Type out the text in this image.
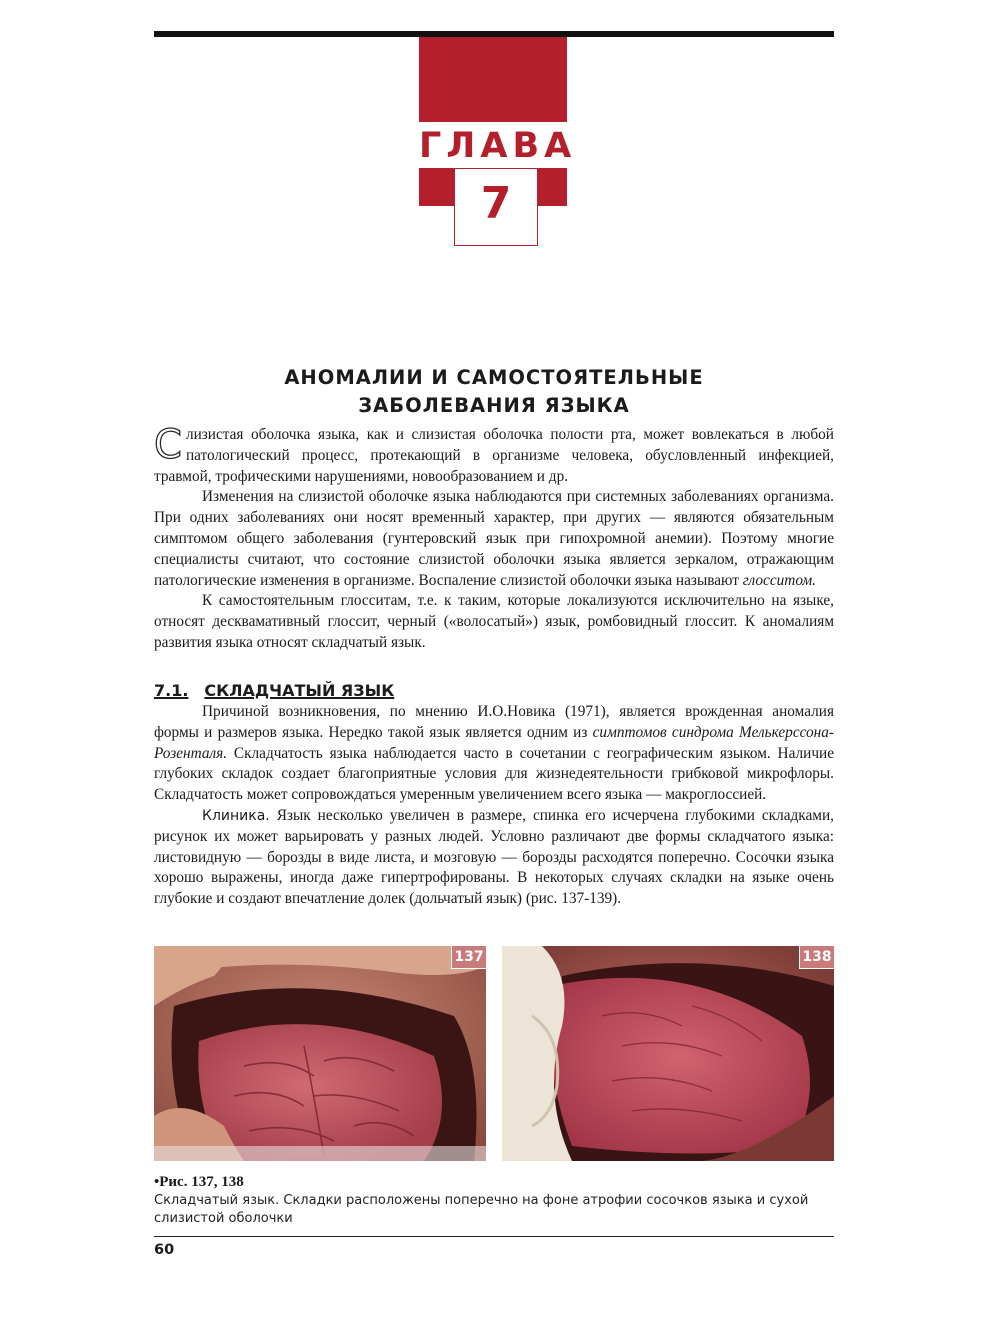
ГЛАВА
7
АНОМАЛИИ И САМОСТОЯТЕЛЬНЫЕ
ЗАБОЛЕВАНИЯ ЯЗЫКА

Слизистая оболочка языка, как и слизистая оболочка полости рта, может вовлекаться в любой патологический процесс, протекающий в организме человека, обусловленный инфекцией, травмой, трофическими нарушениями, новообразованием и др.

Изменения на слизистой оболочке языка наблюдаются при системных заболеваниях организма. При одних заболеваниях они носят временный характер, при других — являются обязательным симптомом общего заболевания (гунтеровский язык при гипохромной анемии). Поэтому многие специалисты считают, что состояние слизистой оболочки языка является зеркалом, отражающим патологические изменения в организме. Воспаление слизистой оболочки языка называют глосситом.

К самостоятельным глосситам, т.е. к таким, которые локализуются исключительно на языке, относят десквамативный глоссит, черный («волосатый») язык, ромбовидный глоссит. К аномалиям развития языка относят складчатый язык.

7.1. СКЛАДЧАТЫЙ ЯЗЫК

Причиной возникновения, по мнению И.О.Новика (1971), является врожденная аномалия формы и размеров языка. Нередко такой язык является одним из симптомов синдрома Мелькерссона-Розенталя. Складчатость языка наблюдается часто в сочетании с географическим языком. Наличие глубоких складок создает благоприятные условия для жизнедеятельности грибковой микрофлоры. Складчатость может сопровождаться умеренным увеличением всего языка — макроглоссией.

Клиника. Язык несколько увеличен в размере, спинка его исчерчена глубокими складками, рисунок их может варьировать у разных людей. Условно различают две формы складчатого языка: листовидную — борозды в виде листа, и мозговую — борозды расходятся поперечно. Сосочки языка хорошо выражены, иногда даже гипертрофированы. В некоторых случаях складки на языке очень глубокие и создают впечатление долек (дольчатый язык) (рис. 137-139).

137	138
•Рис. 137, 138
Складчатый язык. Складки расположены поперечно на фоне атрофии сосочков языка и сухой слизистой оболочки
60
